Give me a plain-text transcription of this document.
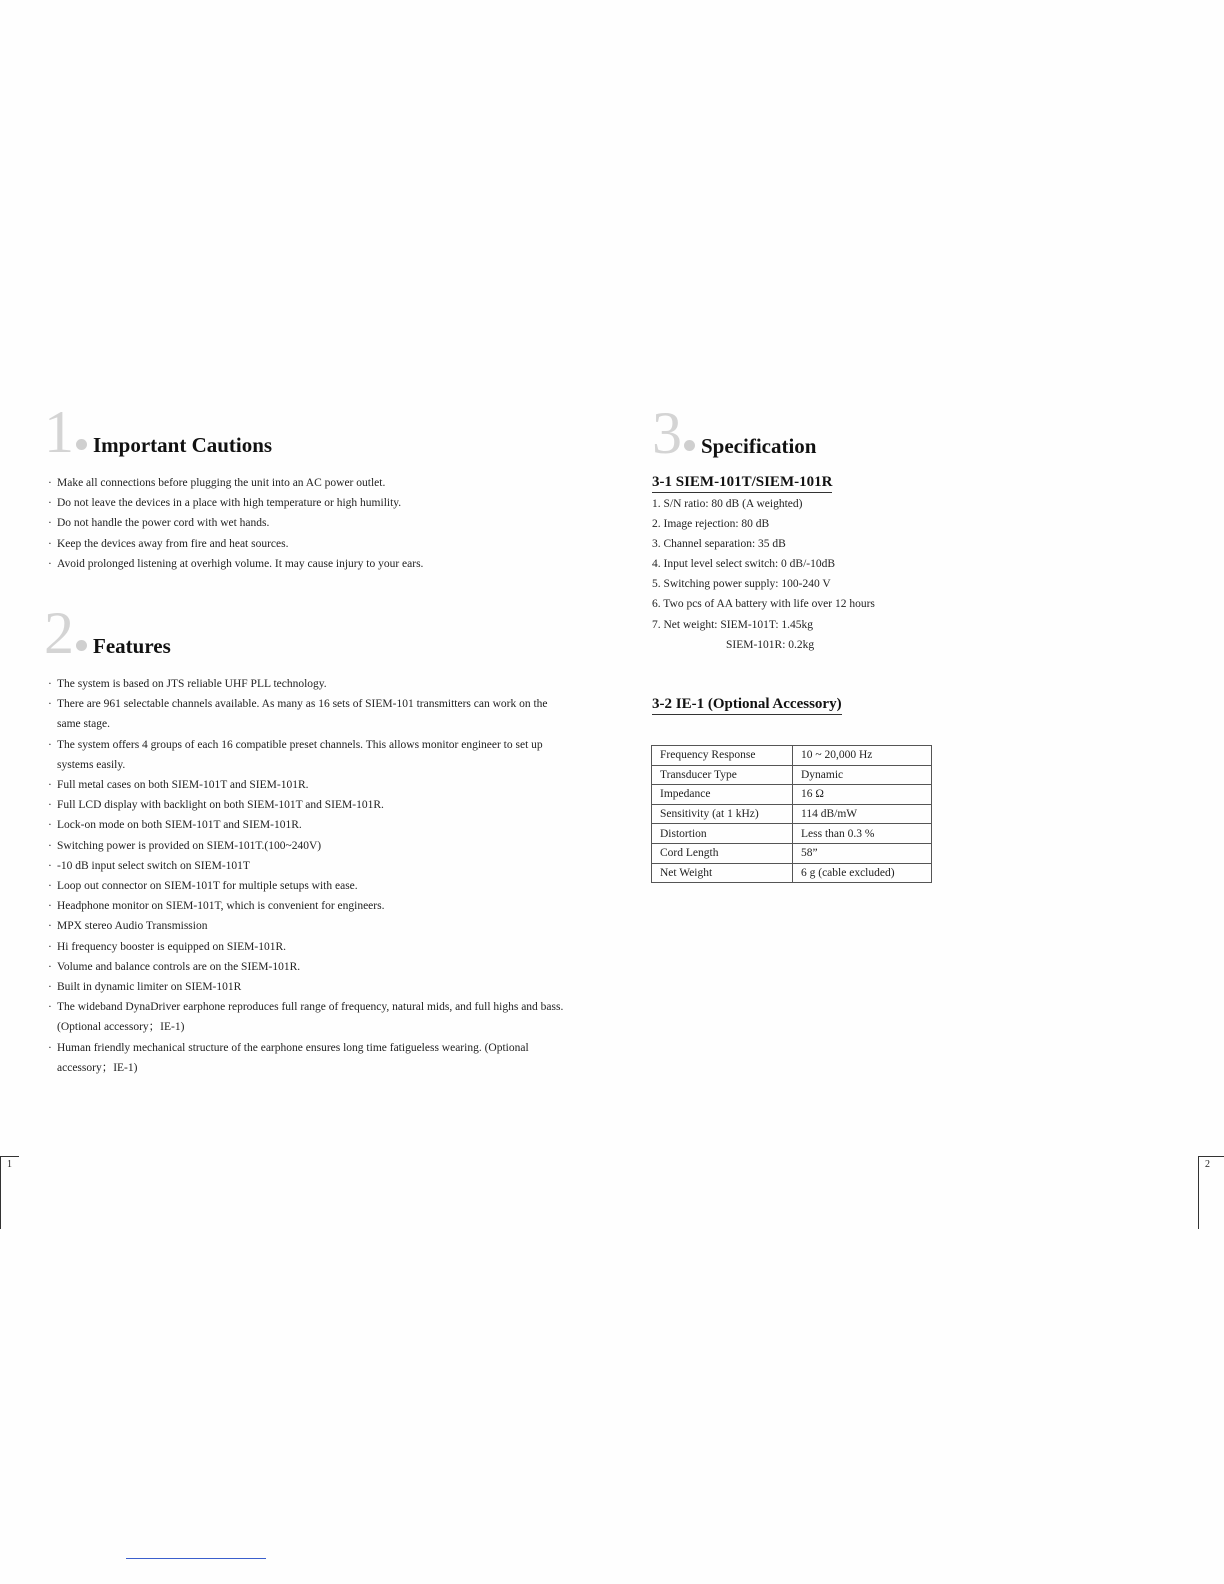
1 Important Cautions
· Make all connections before plugging the unit into an AC power outlet.
· Do not leave the devices in a place with high temperature or high humility.
· Do not handle the power cord with wet hands.
· Keep the devices away from fire and heat sources.
· Avoid prolonged listening at overhigh volume. It may cause injury to your ears.
2 Features
· The system is based on JTS reliable UHF PLL technology.
· There are 961 selectable channels available. As many as 16 sets of SIEM-101 transmitters can work on the same stage.
· The system offers 4 groups of each 16 compatible preset channels. This allows monitor engineer to set up systems easily.
· Full metal cases on both SIEM-101T and SIEM-101R.
· Full LCD display with backlight on both SIEM-101T and SIEM-101R.
· Lock-on mode on both SIEM-101T and SIEM-101R.
· Switching power is provided on SIEM-101T.(100~240V)
· -10 dB input select switch on SIEM-101T
· Loop out connector on SIEM-101T for multiple setups with ease.
· Headphone monitor on SIEM-101T, which is convenient for engineers.
· MPX stereo Audio Transmission
· Hi frequency booster is equipped on SIEM-101R.
· Volume and balance controls are on the SIEM-101R.
· Built in dynamic limiter on SIEM-101R
· The wideband DynaDriver earphone reproduces full range of frequency, natural mids, and full highs and bass. (Optional accessory；IE-1)
· Human friendly mechanical structure of the earphone ensures long time fatigueless wearing. (Optional accessory；IE-1)
3 Specification
3-1 SIEM-101T/SIEM-101R
1. S/N ratio: 80 dB (A weighted)
2. Image rejection: 80 dB
3. Channel separation: 35 dB
4. Input level select switch: 0 dB/-10dB
5. Switching power supply: 100-240 V
6. Two pcs of AA battery with life over 12 hours
7. Net weight: SIEM-101T: 1.45kg
SIEM-101R: 0.2kg
3-2 IE-1 (Optional Accessory)
Frequency Response	10 ~ 20,000 Hz
Transducer Type	Dynamic
Impedance	16 Ω
Sensitivity (at 1 kHz)	114 dB/mW
Distortion	Less than 0.3 %
Cord Length	58”
Net Weight	6 g (cable excluded)
1	2
